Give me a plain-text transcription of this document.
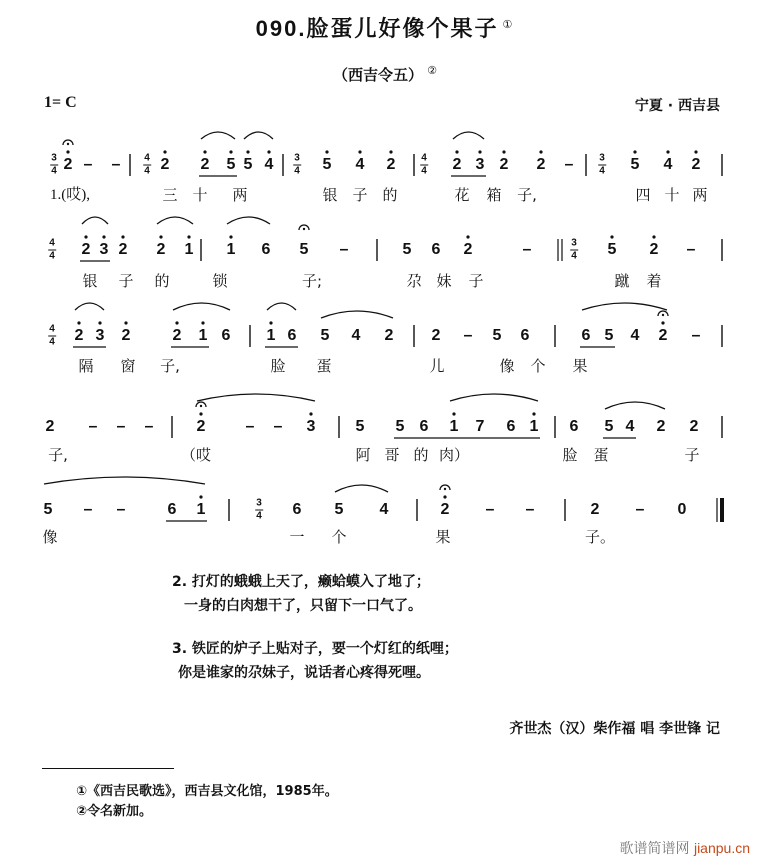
090.脸蛋儿好像个果子 ①
（西吉令五） ②
1= C	宁夏 · 西吉县
$\frac{3}{4} 2$ – – $\frac{4}{4} 2$ 2 5 5 $4 \frac{3}{4} 5$ 4 $2 \frac{4}{4} 2$ 3 2 $2 - \frac{3}{4} 5$ 4 2
1.(哎),	三 十 两	银 子 的	花 箱 子,	四 十 两
$\frac{4}{4} 2$ 3 2 2 1 1 6 5 –	5 6 2	–	$\frac{3}{4} 5$ 2 –
银 子 的	锁	子;	尕 妹 子	蹴 着
$\frac{4}{4} 2$ 3 2	2 1 6 1 6 5 4 2 2 – 5 6	6 5 4 2 –
隔 窗 子,	脸 蛋	儿	像 个 果
2 – – –	2	– – 3	5 5 6 1 7 6 1 6 5 4 2 2
子,	（哎	阿 哥 的 肉）	脸 蛋	子
5 – –	6 1	$\frac{3}{4} 6$ 5 4	2 – –	2 – 0
像	一 个	果	子。
2. 打灯的蛾蛾上天了，癞蛤蟆入了地了；
一身的白肉想干了，只留下一口气了。
3. 铁匠的炉子上贴对子，要一个灯红的纸哩；
你是谁家的尕妹子，说话者心疼得死哩。
齐世杰（汉）柴作福 唱 李世锋 记
①《西吉民歌选》，西吉县文化馆，1985年。
②令名新加。
歌谱简谱网 jianpu.cn
